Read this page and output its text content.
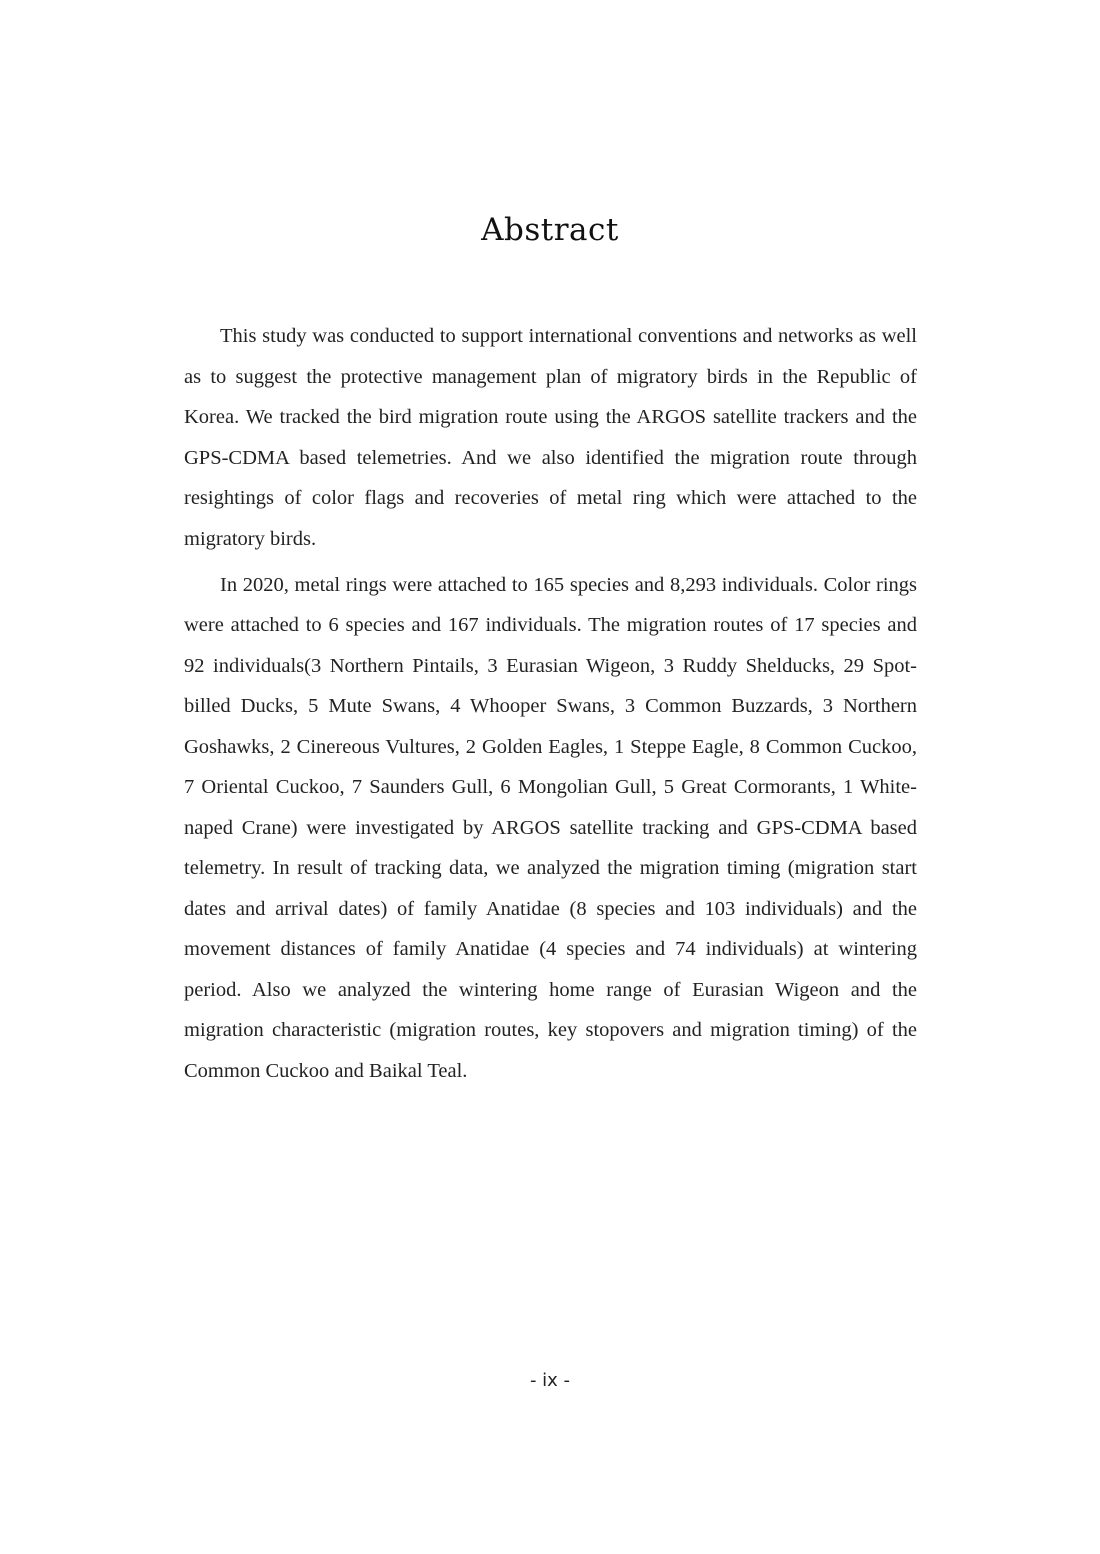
Abstract

This study was conducted to support international conventions and networks as well as to suggest the protective management plan of migratory birds in the Republic of Korea. We tracked the bird migration route using the ARGOS satellite trackers and the GPS-CDMA based telemetries. And we also identified the migration route through resightings of color flags and recoveries of metal ring which were attached to the migratory birds.

In 2020, metal rings were attached to 165 species and 8,293 individuals. Color rings were attached to 6 species and 167 individuals. The migration routes of 17 species and 92 individuals(3 Northern Pintails, 3 Eurasian Wigeon, 3 Ruddy Shelducks, 29 Spot-billed Ducks, 5 Mute Swans, 4 Whooper Swans, 3 Common Buzzards, 3 Northern Goshawks, 2 Cinereous Vultures, 2 Golden Eagles, 1 Steppe Eagle, 8 Common Cuckoo, 7 Oriental Cuckoo, 7 Saunders Gull, 6 Mongolian Gull, 5 Great Cormorants, 1 White-naped Crane) were investigated by ARGOS satellite tracking and GPS-CDMA based telemetry. In result of tracking data, we analyzed the migration timing (migration start dates and arrival dates) of family Anatidae (8 species and 103 individuals) and the movement distances of family Anatidae (4 species and 74 individuals) at wintering period. Also we analyzed the wintering home range of Eurasian Wigeon and the migration characteristic (migration routes, key stopovers and migration timing) of the Common Cuckoo and Baikal Teal.

- ix -
